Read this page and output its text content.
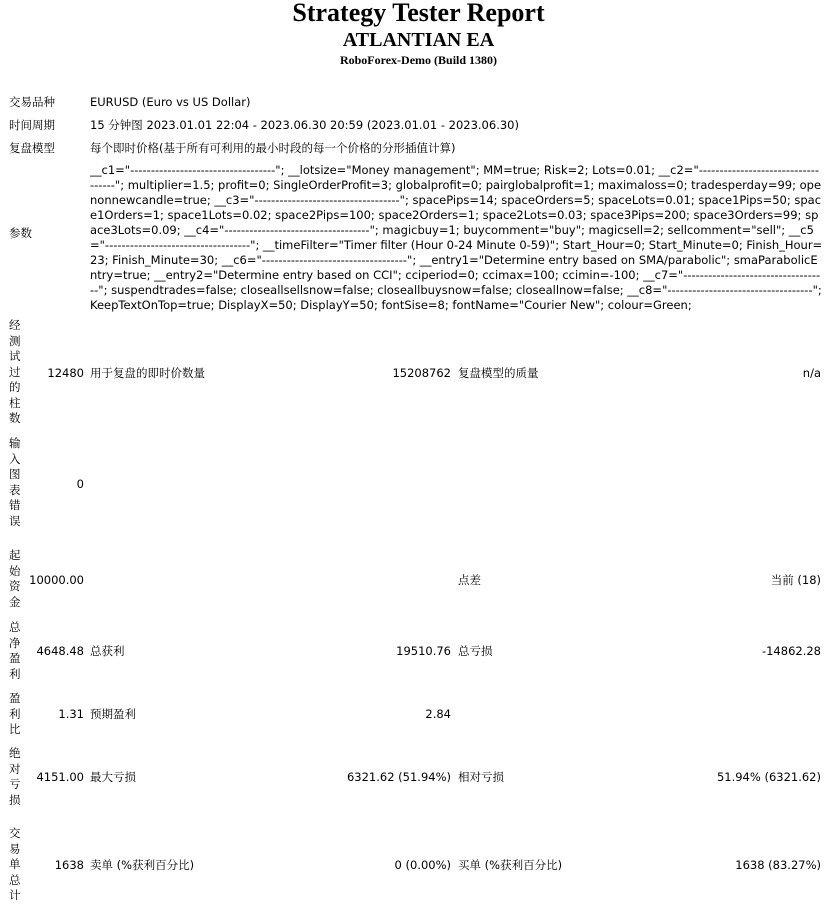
Strategy Tester Report
ATLANTIAN EA
RoboForex-Demo (Build 1380)
交易品种	EURUSD (Euro vs US Dollar)
时间周期	15 分钟图 2023.01.01 22:04 - 2023.06.30 20:59 (2023.01.01 - 2023.06.30)
复盘模型	每个即时价格(基于所有可利用的最小时段的每一个价格的分形插值计算)
参数
__c1="-----------------------------------"; __lotsize="Money management"; MM=true; Risk=2; Lots=0.01; __c2="-----------------------------------"; multiplier=1.5; profit=0; SingleOrderProfit=3; globalprofit=0; pairglobalprofit=1; maximaloss=0; tradesperday=99; openonnewcandle=true; __c3="-----------------------------------"; spacePips=14; spaceOrders=5; spaceLots=0.01; space1Pips=50; space1Orders=1; space1Lots=0.02; space2Pips=100; space2Orders=1; space2Lots=0.03; space3Pips=200; space3Orders=99; space3Lots=0.09; __c4="-----------------------------------"; magicbuy=1; buycomment="buy"; magicsell=2; sellcomment="sell"; __c5="-----------------------------------"; __timeFilter="Timer filter (Hour 0-24 Minute 0-59)"; Start_Hour=0; Start_Minute=0; Finish_Hour=23; Finish_Minute=30; __c6="-----------------------------------"; __entry1="Determine entry based on SMA/parabolic"; smaParabolicEntry=true; __entry2="Determine entry based on CCI"; cciperiod=0; ccimax=100; ccimin=-100; __c7="-----------------------------------"; suspendtrades=false; closeallsellsnow=false; closeallbuysnow=false; closeallnow=false; __c8="-----------------------------------"; KeepTextOnTop=true; DisplayX=50; DisplayY=50; fontSise=8; fontName="Courier New"; colour=Green;
经测试过的柱数
12480 用于复盘的即时价数量	15208762 复盘模型的质量	n/a
输入图表错误
0
起始资金
10000.00	点差	当前 (18)
总净盈利
4648.48 总获利	19510.76 总亏损	-14862.28
盈利比
1.31 预期盈利	2.84
绝对亏损
4151.00 最大亏损	6321.62 (51.94%) 相对亏损	51.94% (6321.62)
交易单总计
1638 卖单 (%获利百分比)	0 (0.00%) 买单 (%获利百分比)	1638 (83.27%)
